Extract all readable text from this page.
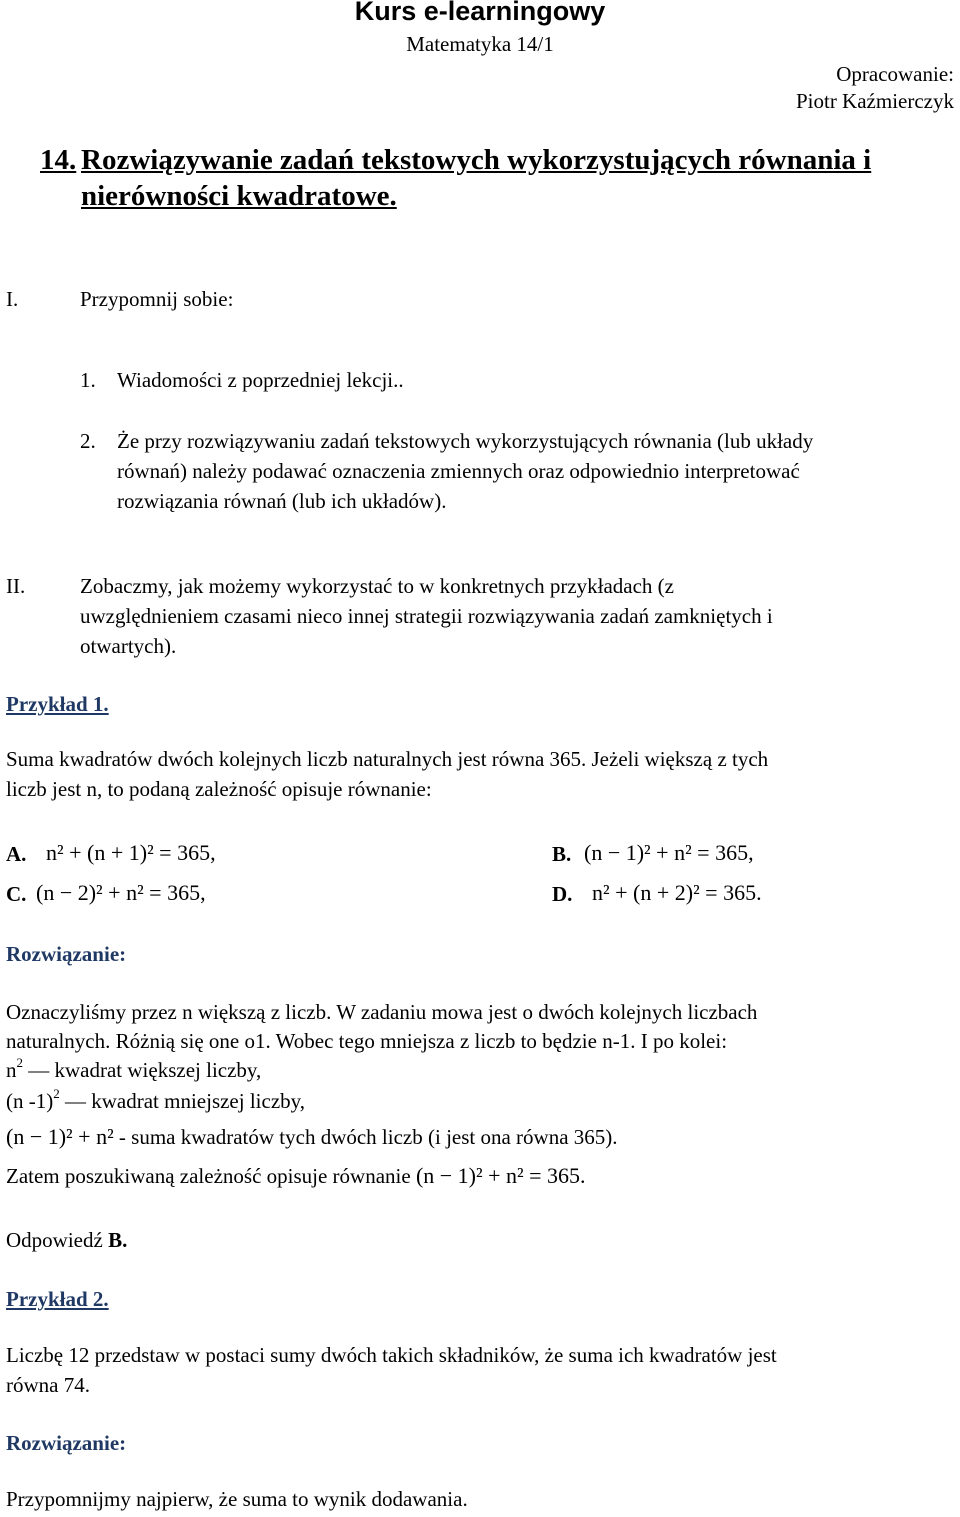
Kurs e-learningowy
Matematyka 14/1
Opracowanie:
Piotr Kaźmierczyk
14. Rozwiązywanie zadań tekstowych wykorzystujących równania i
nierówności kwadratowe.
I.	Przypomnij sobie:
1. Wiadomości z poprzedniej lekcji..
2. Że przy rozwiązywaniu zadań tekstowych wykorzystujących równania (lub układy
równań) należy podawać oznaczenia zmiennych oraz odpowiednio interpretować
rozwiązania równań (lub ich układów).
II.	Zobaczmy, jak możemy wykorzystać to w konkretnych przykładach (z
uwzględnieniem czasami nieco innej strategii rozwiązywania zadań zamkniętych i
otwartych).
Przykład 1.
Suma kwadratów dwóch kolejnych liczb naturalnych jest równa 365. Jeżeli większą z tych
liczb jest n, to podaną zależność opisuje równanie:
A. n² + (n + 1)² = 365,	B. (n − 1)² + n² = 365,
C. (n − 2)² + n² = 365,	D. n² + (n + 2)² = 365.
Rozwiązanie:
Oznaczyliśmy przez n większą z liczb. W zadaniu mowa jest o dwóch kolejnych liczbach
naturalnych. Różnią się one o1. Wobec tego mniejsza z liczb to będzie n-1. I po kolei:
$n^2$ — kwadrat większej liczby,
(n -1)$^2$ — kwadrat mniejszej liczby,
(n − 1)² + n² - suma kwadratów tych dwóch liczb (i jest ona równa 365).
Zatem poszukiwaną zależność opisuje równanie (n − 1)² + n² = 365.
Odpowiedź B.
Przykład 2.
Liczbę 12 przedstaw w postaci sumy dwóch takich składników, że suma ich kwadratów jest
równa 74.
Rozwiązanie:
Przypomnijmy najpierw, że suma to wynik dodawania.
